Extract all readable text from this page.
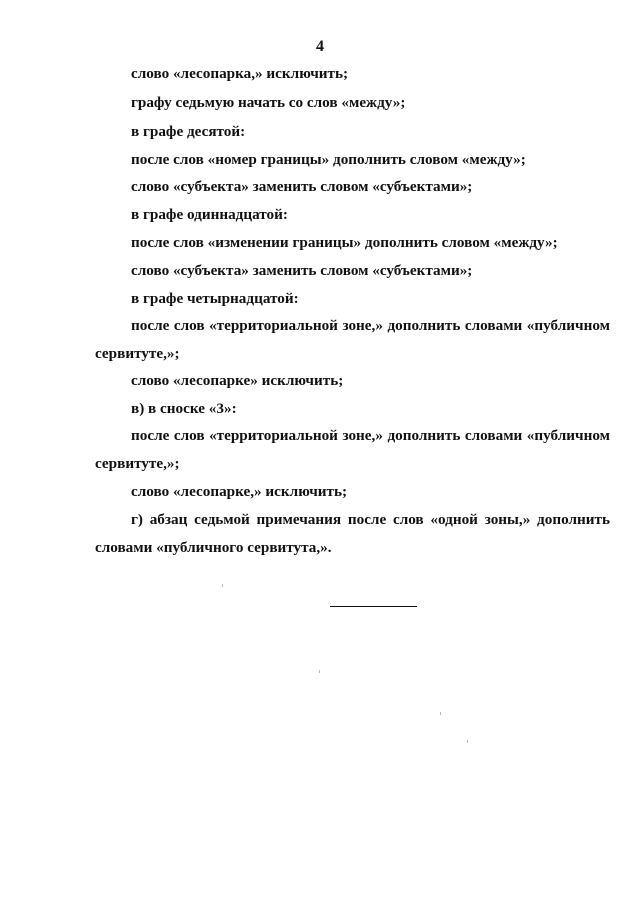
4
слово «лесопарка,» исключить;
графу седьмую начать со слов «между»;
в графе десятой:
после слов «номер границы» дополнить словом «между»;
слово «субъекта» заменить словом «субъектами»;
в графе одиннадцатой:
после слов «изменении границы» дополнить словом «между»;
слово «субъекта» заменить словом «субъектами»;
в графе четырнадцатой:
после слов «территориальной зоне,» дополнить словами «публичном
сервитуте,»;
слово «лесопарке» исключить;
в) в сноске «3»:
после слов «территориальной зоне,» дополнить словами «публичном
сервитуте,»;
слово «лесопарке,» исключить;
г) абзац седьмой примечания после слов «одной зоны,» дополнить
словами «публичного сервитута,».
